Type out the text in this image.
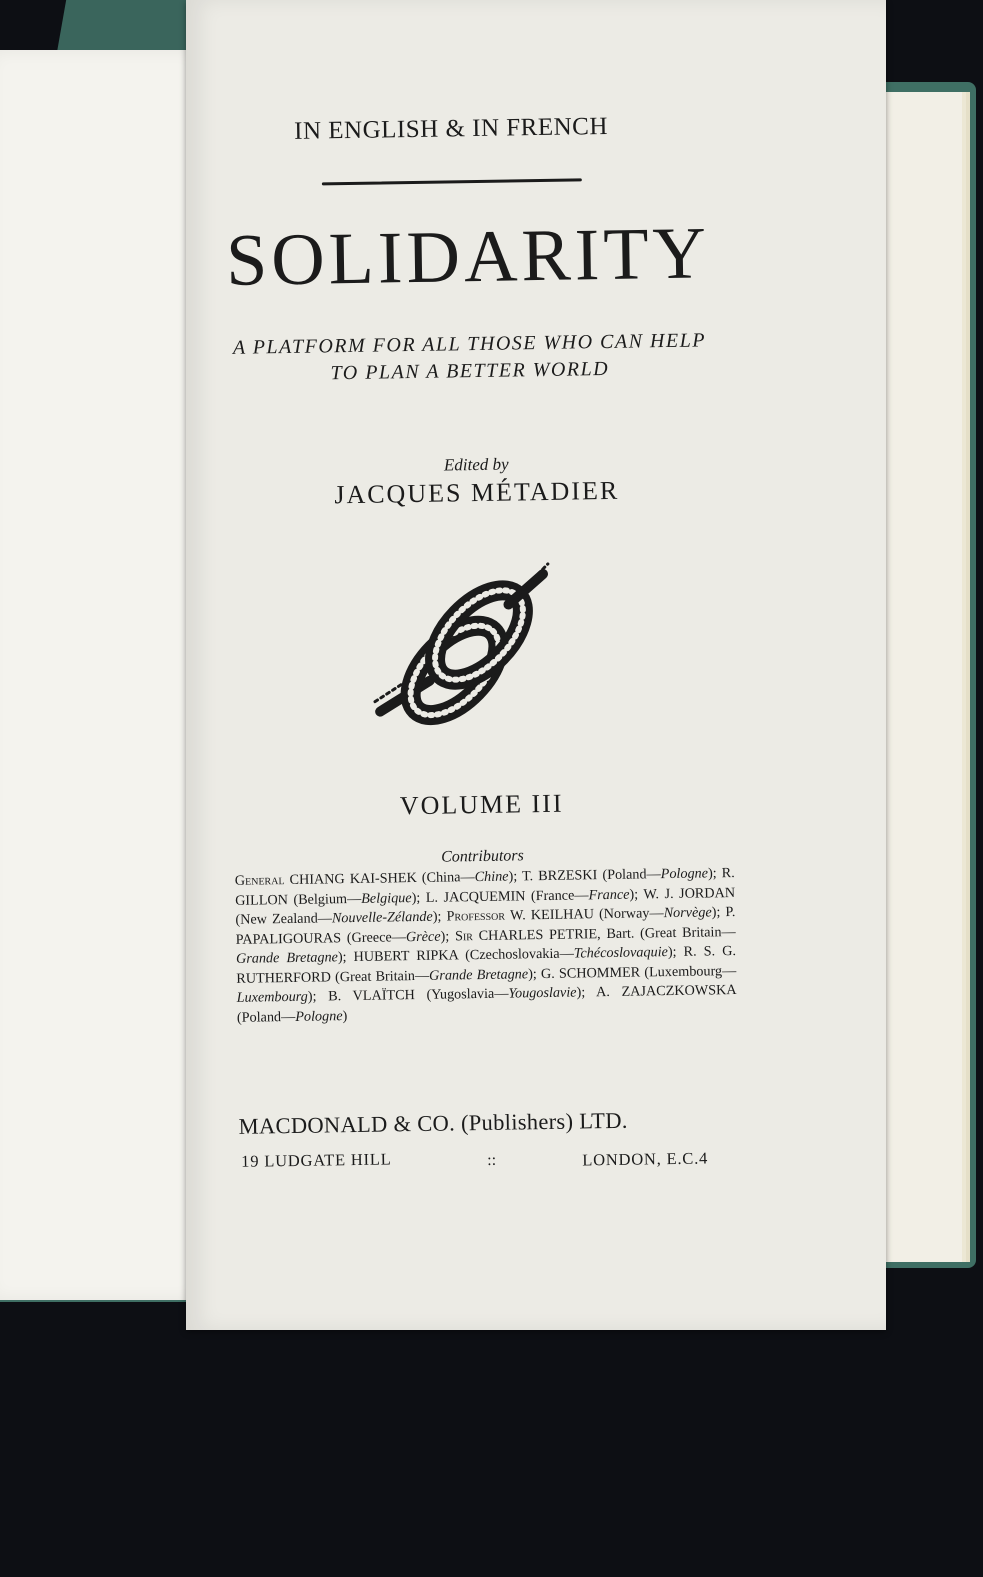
IN ENGLISH & IN FRENCH
SOLIDARITY
A PLATFORM FOR ALL THOSE WHO CAN HELP
TO PLAN A BETTER WORLD
Edited by
JACQUES MÉTADIER
VOLUME III
Contributors
General CHIANG KAI-SHEK (China—Chine); T. BRZESKI (Poland—Pologne); R. GILLON (Belgium—Belgique); L. JACQUEMIN (France—France); W. J. JORDAN (New Zealand—Nouvelle-Zélande); Professor W. KEILHAU (Norway—Norvège); P. PAPALIGOURAS (Greece—Grèce); Sir CHARLES PETRIE, Bart. (Great Britain—Grande Bretagne); HUBERT RIPKA (Czechoslovakia—Tchécoslovaquie); R. S. G. RUTHERFORD (Great Britain—Grande Bretagne); G. SCHOMMER (Luxembourg—Luxembourg); B. VLAÏTCH (Yugoslavia—Yougoslavie); A. ZAJACZKOWSKA (Poland—Pologne)
MACDONALD & CO. (Publishers) LTD.
19 LUDGATE HILL	::	LONDON, E.C.4
